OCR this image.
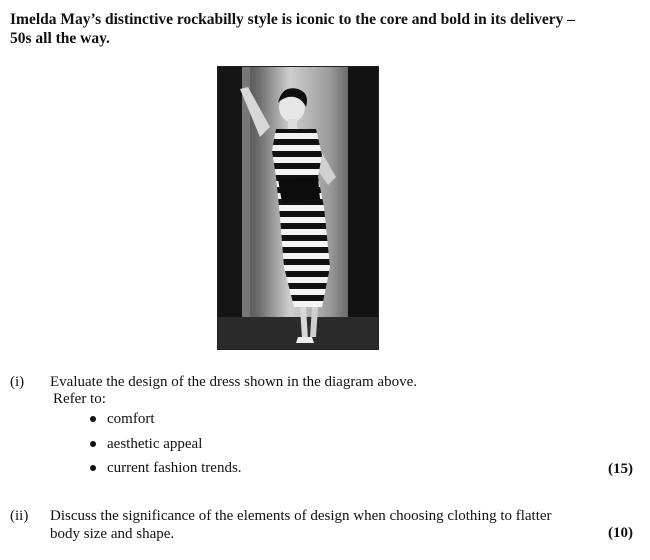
Imelda May’s distinctive rockabilly style is iconic to the core and bold in its delivery –
50s all the way.
(i) Evaluate the design of the dress shown in the diagram above.
Refer to:
comfort
aesthetic appeal
current fashion trends.	(15)
(ii) Discuss the significance of the elements of design when choosing clothing to flatter
body size and shape.	(10)
